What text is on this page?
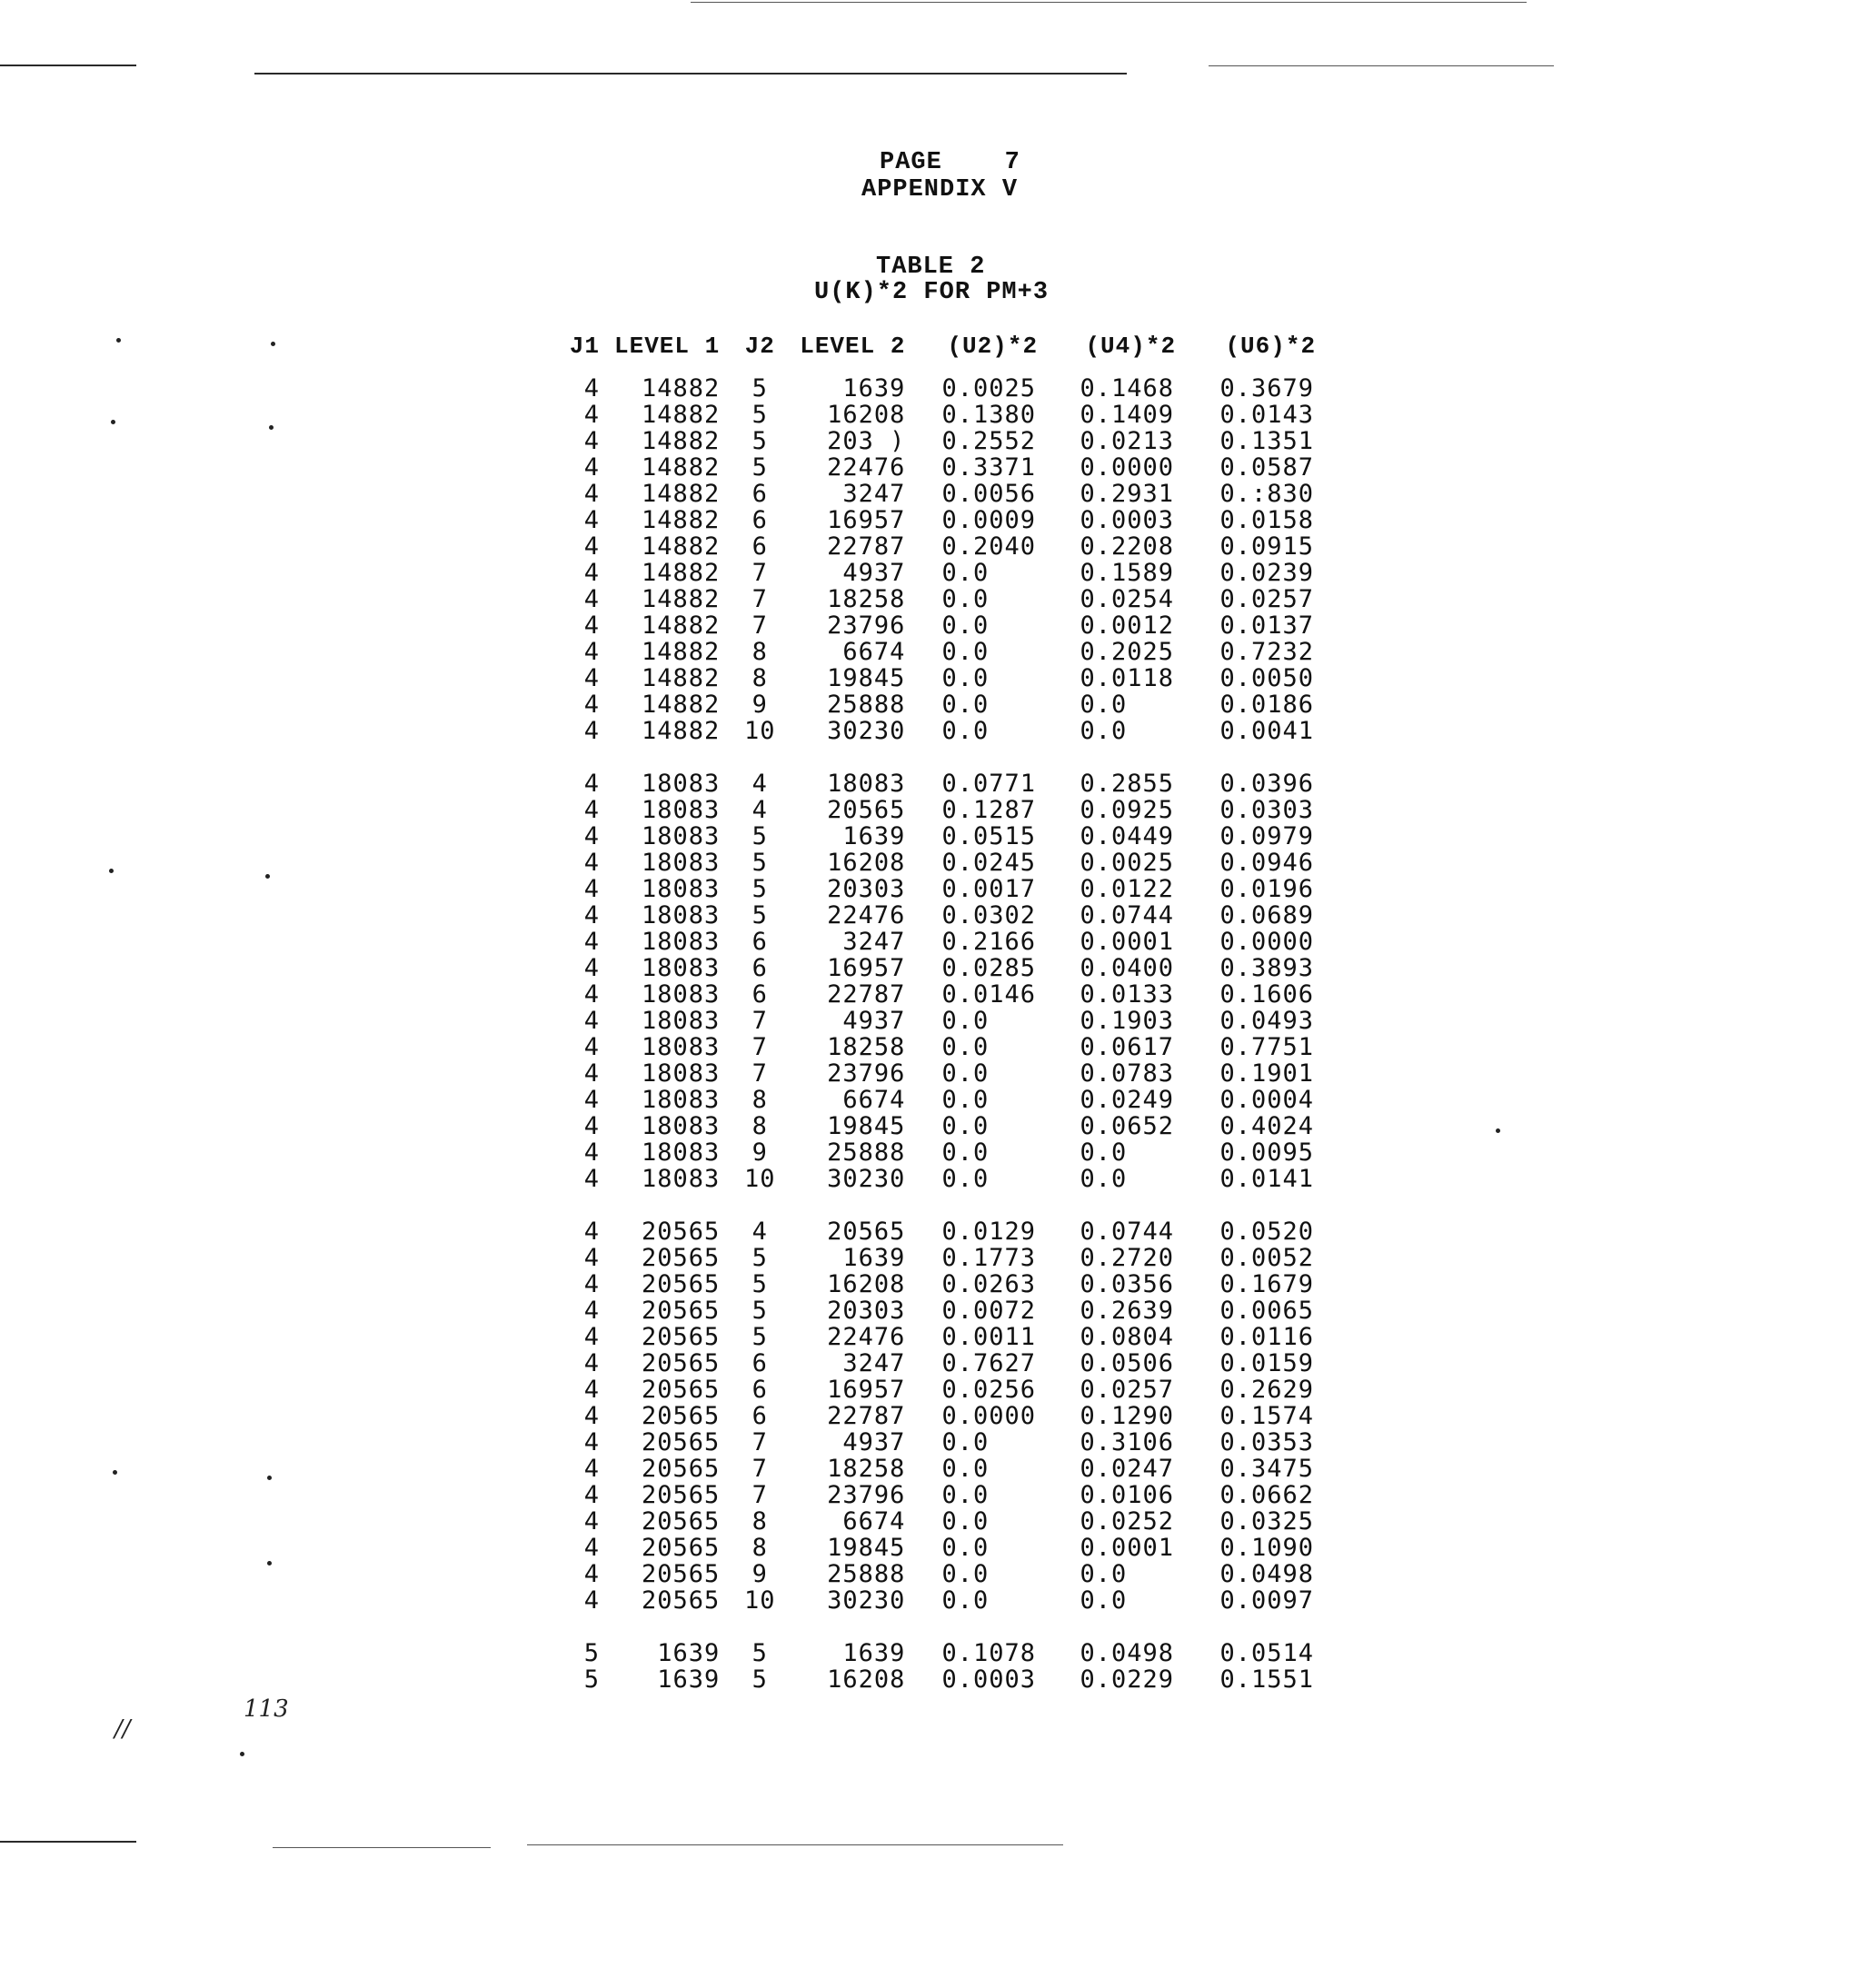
PAGE    7
APPENDIX V
TABLE 2
U(K)*2 FOR PM+3
J1	LEVEL 1	J2	LEVEL 2	(U2)*2	(U4)*2	(U6)*2
4	14882	5	1639	0.0025	0.1468	0.3679
4	14882	5	16208	0.1380	0.1409	0.0143
4	14882	5	203 )	0.2552	0.0213	0.1351
4	14882	5	22476	0.3371	0.0000	0.0587
4	14882	6	3247	0.0056	0.2931	0.:830
4	14882	6	16957	0.0009	0.0003	0.0158
4	14882	6	22787	0.2040	0.2208	0.0915
4	14882	7	4937	0.0	0.1589	0.0239
4	14882	7	18258	0.0	0.0254	0.0257
4	14882	7	23796	0.0	0.0012	0.0137
4	14882	8	6674	0.0	0.2025	0.7232
4	14882	8	19845	0.0	0.0118	0.0050
4	14882	9	25888	0.0	0.0	0.0186
4	14882	10	30230	0.0	0.0	0.0041
4	18083	4	18083	0.0771	0.2855	0.0396
4	18083	4	20565	0.1287	0.0925	0.0303
4	18083	5	1639	0.0515	0.0449	0.0979
4	18083	5	16208	0.0245	0.0025	0.0946
4	18083	5	20303	0.0017	0.0122	0.0196
4	18083	5	22476	0.0302	0.0744	0.0689
4	18083	6	3247	0.2166	0.0001	0.0000
4	18083	6	16957	0.0285	0.0400	0.3893
4	18083	6	22787	0.0146	0.0133	0.1606
4	18083	7	4937	0.0	0.1903	0.0493
4	18083	7	18258	0.0	0.0617	0.7751
4	18083	7	23796	0.0	0.0783	0.1901
4	18083	8	6674	0.0	0.0249	0.0004
4	18083	8	19845	0.0	0.0652	0.4024
4	18083	9	25888	0.0	0.0	0.0095
4	18083	10	30230	0.0	0.0	0.0141
4	20565	4	20565	0.0129	0.0744	0.0520
4	20565	5	1639	0.1773	0.2720	0.0052
4	20565	5	16208	0.0263	0.0356	0.1679
4	20565	5	20303	0.0072	0.2639	0.0065
4	20565	5	22476	0.0011	0.0804	0.0116
4	20565	6	3247	0.7627	0.0506	0.0159
4	20565	6	16957	0.0256	0.0257	0.2629
4	20565	6	22787	0.0000	0.1290	0.1574
4	20565	7	4937	0.0	0.3106	0.0353
4	20565	7	18258	0.0	0.0247	0.3475
4	20565	7	23796	0.0	0.0106	0.0662
4	20565	8	6674	0.0	0.0252	0.0325
4	20565	8	19845	0.0	0.0001	0.1090
4	20565	9	25888	0.0	0.0	0.0498
4	20565	10	30230	0.0	0.0	0.0097
5	1639	5	1639	0.1078	0.0498	0.0514
5	1639	5	16208	0.0003	0.0229	0.1551
//
113
